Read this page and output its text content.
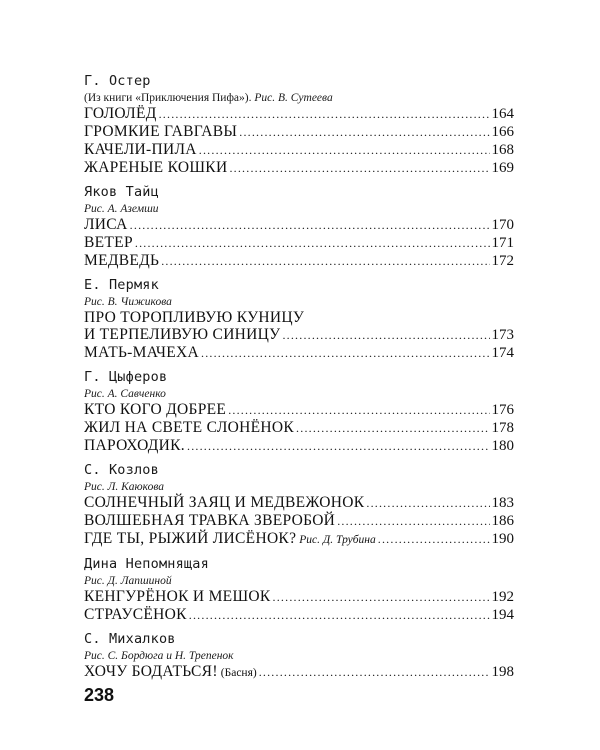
Г. Остер
(Из книги «Приключения Пифа»). Рис. В. Сутеева
ГОЛОЛЁД .....	164
ГРОМКИЕ ГАВГАВЫ .....	166
КАЧЕЛИ-ПИЛА .....	168
ЖАРЕНЫЕ КОШКИ .....	169
Яков Тайц
Рис. А. Аземши
ЛИСА .....	170
ВЕТЕР .....	171
МЕДВЕДЬ .....	172
Е. Пермяк
Рис. В. Чижикова
ПРО ТОРОПЛИВУЮ КУНИЦУ
И ТЕРПЕЛИВУЮ СИНИЦУ .....	173
МАТЬ-МАЧЕХА .....	174
Г. Цыферов
Рис. А. Савченко
КТО КОГО ДОБРЕЕ .....	176
ЖИЛ НА СВЕТЕ СЛОНЁНОК .....	178
ПАРОХОДИК. .....	180
С. Козлов
Рис. Л. Каюкова
СОЛНЕЧНЫЙ ЗАЯЦ И МЕДВЕЖОНОК .....	183
ВОЛШЕБНАЯ ТРАВКА ЗВЕРОБОЙ .....	186
ГДЕ ТЫ, РЫЖИЙ ЛИСЁНОК? Рис. Д. Трубина .....	190
Дина Непомнящая
Рис. Д. Лапшиной
КЕНГУРЁНОК И МЕШОК .....	192
СТРАУСЁНОК .....	194
С. Михалков
Рис. С. Бордюга и Н. Трепенок
ХОЧУ БОДАТЬСЯ! (Басня) .....	198
238
